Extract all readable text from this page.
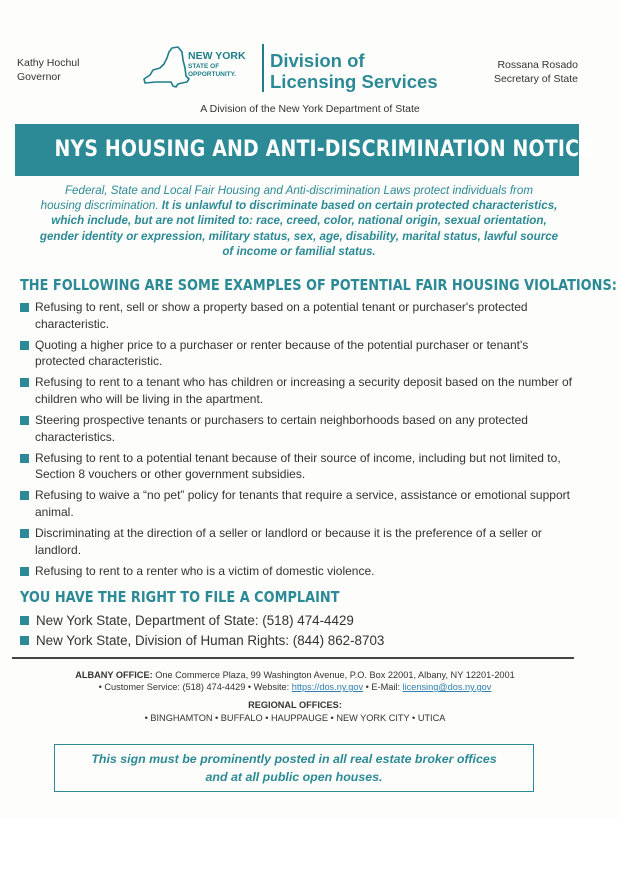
Kathy Hochul
Governor
NEW YORK
STATE OF
OPPORTUNITY.
Division of
Licensing Services
Rossana Rosado
Secretary of State
A Division of the New York Department of State
NYS HOUSING AND ANTI-DISCRIMINATION NOTICE
Federal, State and Local Fair Housing and Anti-discrimination Laws protect individuals from
housing discrimination. It is unlawful to discriminate based on certain protected characteristics,
which include, but are not limited to: race, creed, color, national origin, sexual orientation,
gender identity or expression, military status, sex, age, disability, marital status, lawful source
of income or familial status.
THE FOLLOWING ARE SOME EXAMPLES OF POTENTIAL FAIR HOUSING VIOLATIONS:
Refusing to rent, sell or show a property based on a potential tenant or purchaser's protected characteristic.
Quoting a higher price to a purchaser or renter because of the potential purchaser or tenant's protected characteristic.
Refusing to rent to a tenant who has children or increasing a security deposit based on the number of children who will be living in the apartment.
Steering prospective tenants or purchasers to certain neighborhoods based on any protected characteristics.
Refusing to rent to a potential tenant because of their source of income, including but not limited to, Section 8 vouchers or other government subsidies.
Refusing to waive a “no pet” policy for tenants that require a service, assistance or emotional support animal.
Discriminating at the direction of a seller or landlord or because it is the preference of a seller or landlord.
Refusing to rent to a renter who is a victim of domestic violence.
YOU HAVE THE RIGHT TO FILE A COMPLAINT
New York State, Department of State: (518) 474-4429
New York State, Division of Human Rights: (844) 862-8703
ALBANY OFFICE: One Commerce Plaza, 99 Washington Avenue, P.O. Box 22001, Albany, NY 12201-2001
• Customer Service: (518) 474-4429 • Website: https://dos.ny.gov • E-Mail: licensing@dos.ny.gov
REGIONAL OFFICES:
• BINGHAMTON • BUFFALO • HAUPPAUGE • NEW YORK CITY • UTICA
This sign must be prominently posted in all real estate broker offices
and at all public open houses.
